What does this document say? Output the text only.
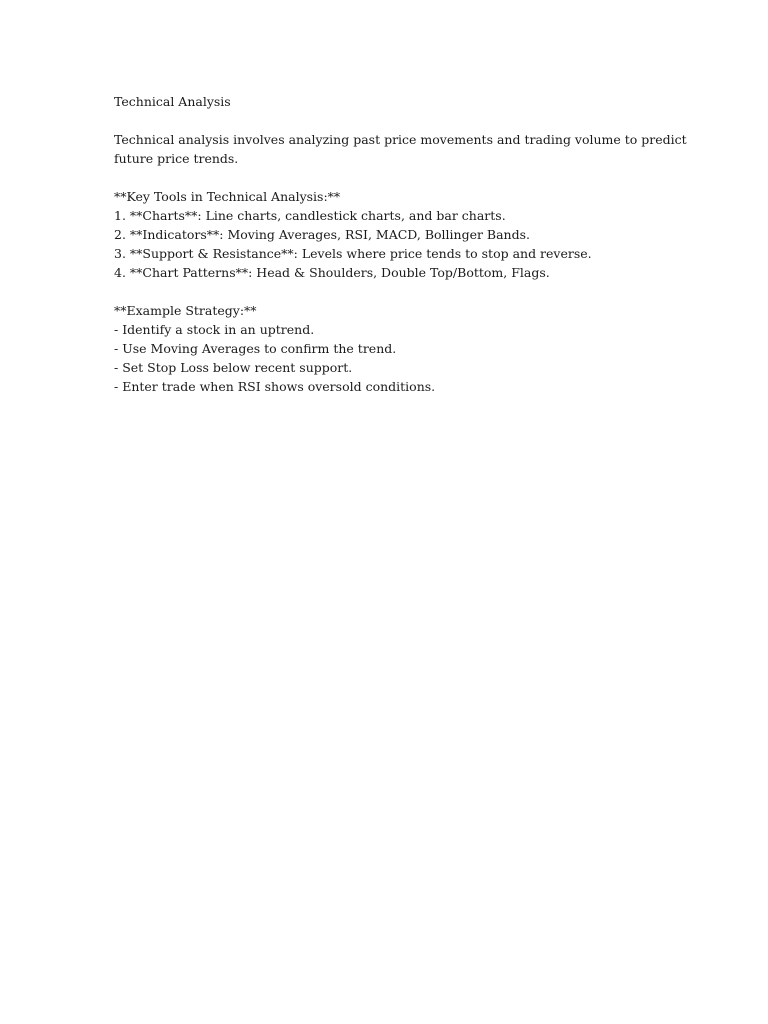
Technical Analysis
Technical analysis involves analyzing past price movements and trading volume to predict
future price trends.
**Key Tools in Technical Analysis:**
1. **Charts**: Line charts, candlestick charts, and bar charts.
2. **Indicators**: Moving Averages, RSI, MACD, Bollinger Bands.
3. **Support & Resistance**: Levels where price tends to stop and reverse.
4. **Chart Patterns**: Head & Shoulders, Double Top/Bottom, Flags.
**Example Strategy:**
- Identify a stock in an uptrend.
- Use Moving Averages to confirm the trend.
- Set Stop Loss below recent support.
- Enter trade when RSI shows oversold conditions.
